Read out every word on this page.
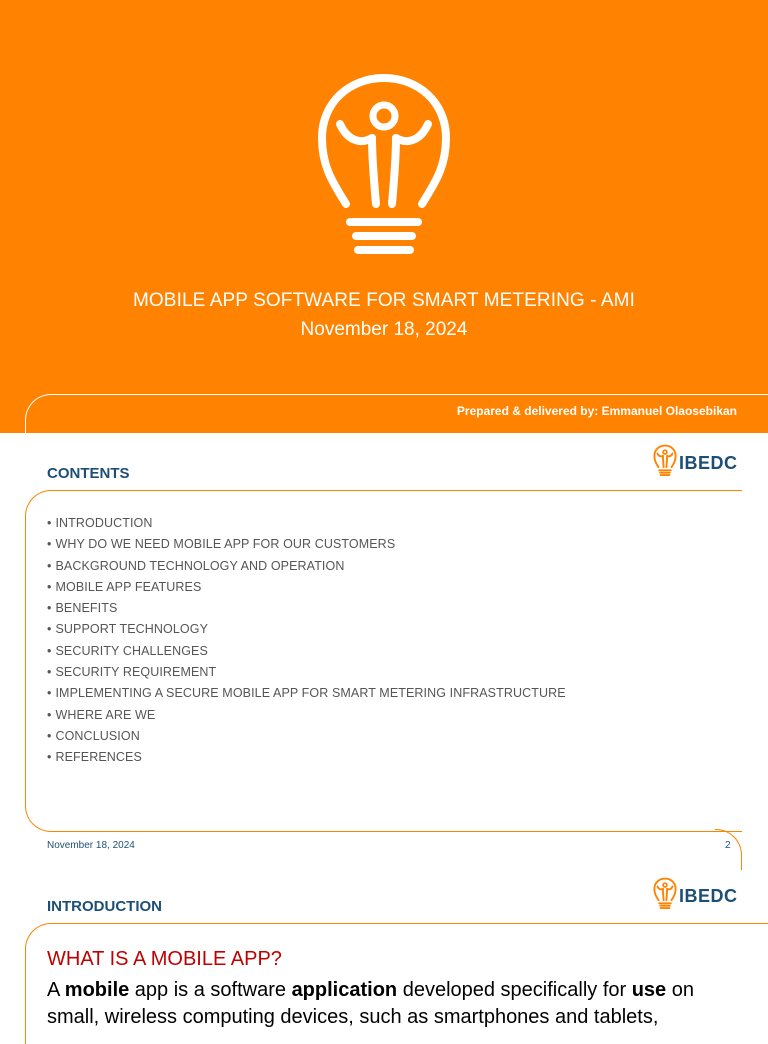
MOBILE APP SOFTWARE FOR SMART METERING - AMI
November 18, 2024
Prepared & delivered by: Emmanuel Olaosebikan
CONTENTS
IBEDC
• INTRODUCTION
• WHY DO WE NEED MOBILE APP FOR OUR CUSTOMERS
• BACKGROUND TECHNOLOGY AND OPERATION
• MOBILE APP FEATURES
• BENEFITS
• SUPPORT TECHNOLOGY
• SECURITY CHALLENGES
• SECURITY REQUIREMENT
• IMPLEMENTING A SECURE MOBILE APP FOR SMART METERING INFRASTRUCTURE
• WHERE ARE WE
• CONCLUSION
• REFERENCES
November 18, 2024	2
INTRODUCTION
IBEDC
WHAT IS A MOBILE APP?
A mobile app is a software application developed specifically for use on small, wireless computing devices, such as smartphones and tablets,
